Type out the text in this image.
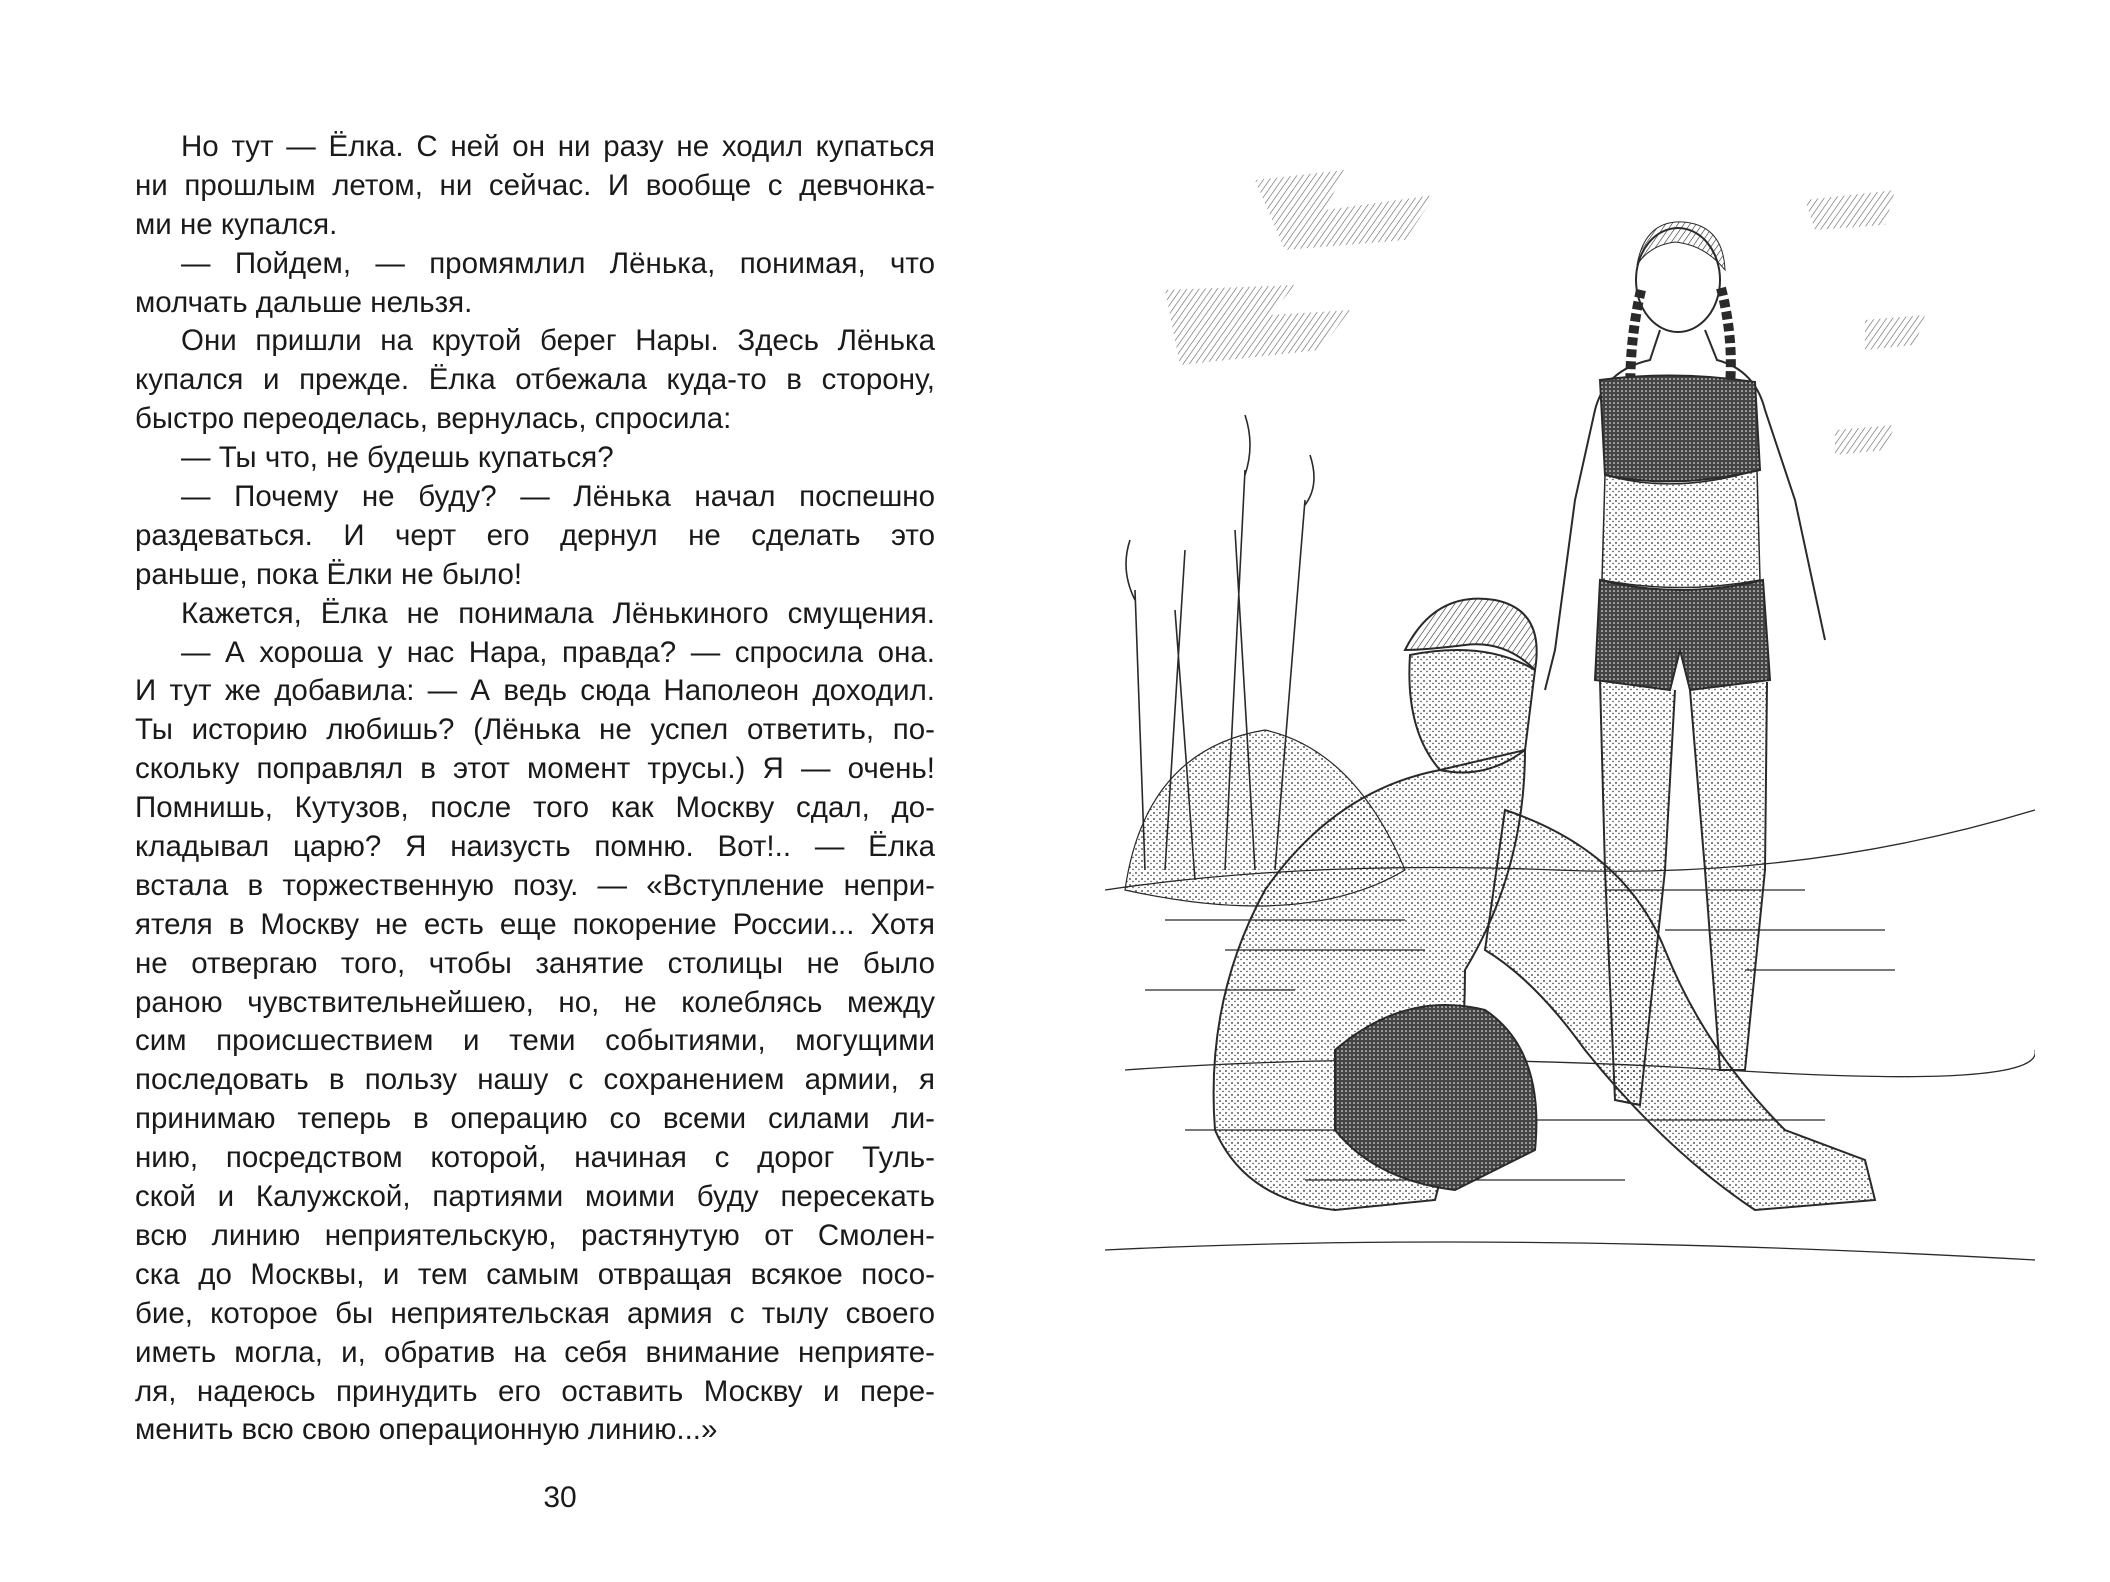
Но тут — Ёлка. С ней он ни разу не ходил купаться
ни прошлым летом, ни сейчас. И вообще с девчонка-
ми не купался.
— Пойдем, — промямлил Лёнька, понимая, что
молчать дальше нельзя.
Они пришли на крутой берег Нары. Здесь Лёнька
купался и прежде. Ёлка отбежала куда-то в сторону,
быстро переоделась, вернулась, спросила:
— Ты что, не будешь купаться?
— Почему не буду? — Лёнька начал поспешно
раздеваться. И черт его дернул не сделать это
раньше, пока Ёлки не было!
Кажется, Ёлка не понимала Лёнькиного смущения.
— А хороша у нас Нара, правда? — спросила она.
И тут же добавила: — А ведь сюда Наполеон доходил.
Ты историю любишь? (Лёнька не успел ответить, по-
скольку поправлял в этот момент трусы.) Я — очень!
Помнишь, Кутузов, после того как Москву сдал, до-
кладывал царю? Я наизусть помню. Вот!.. — Ёлка
встала в торжественную позу. — «Вступление непри-
ятеля в Москву не есть еще покорение России... Хотя
не отвергаю того, чтобы занятие столицы не было
раною чувствительнейшею, но, не колеблясь между
сим происшествием и теми событиями, могущими
последовать в пользу нашу с сохранением армии, я
принимаю теперь в операцию со всеми силами ли-
нию, посредством которой, начиная с дорог Туль-
ской и Калужской, партиями моими буду пересекать
всю линию неприятельскую, растянутую от Смолен-
ска до Москвы, и тем самым отвращая всякое посо-
бие, которое бы неприятельская армия с тылу своего
иметь могла, и, обратив на себя внимание неприяте-
ля, надеюсь принудить его оставить Москву и пере-
менить всю свою операционную линию...»
30
